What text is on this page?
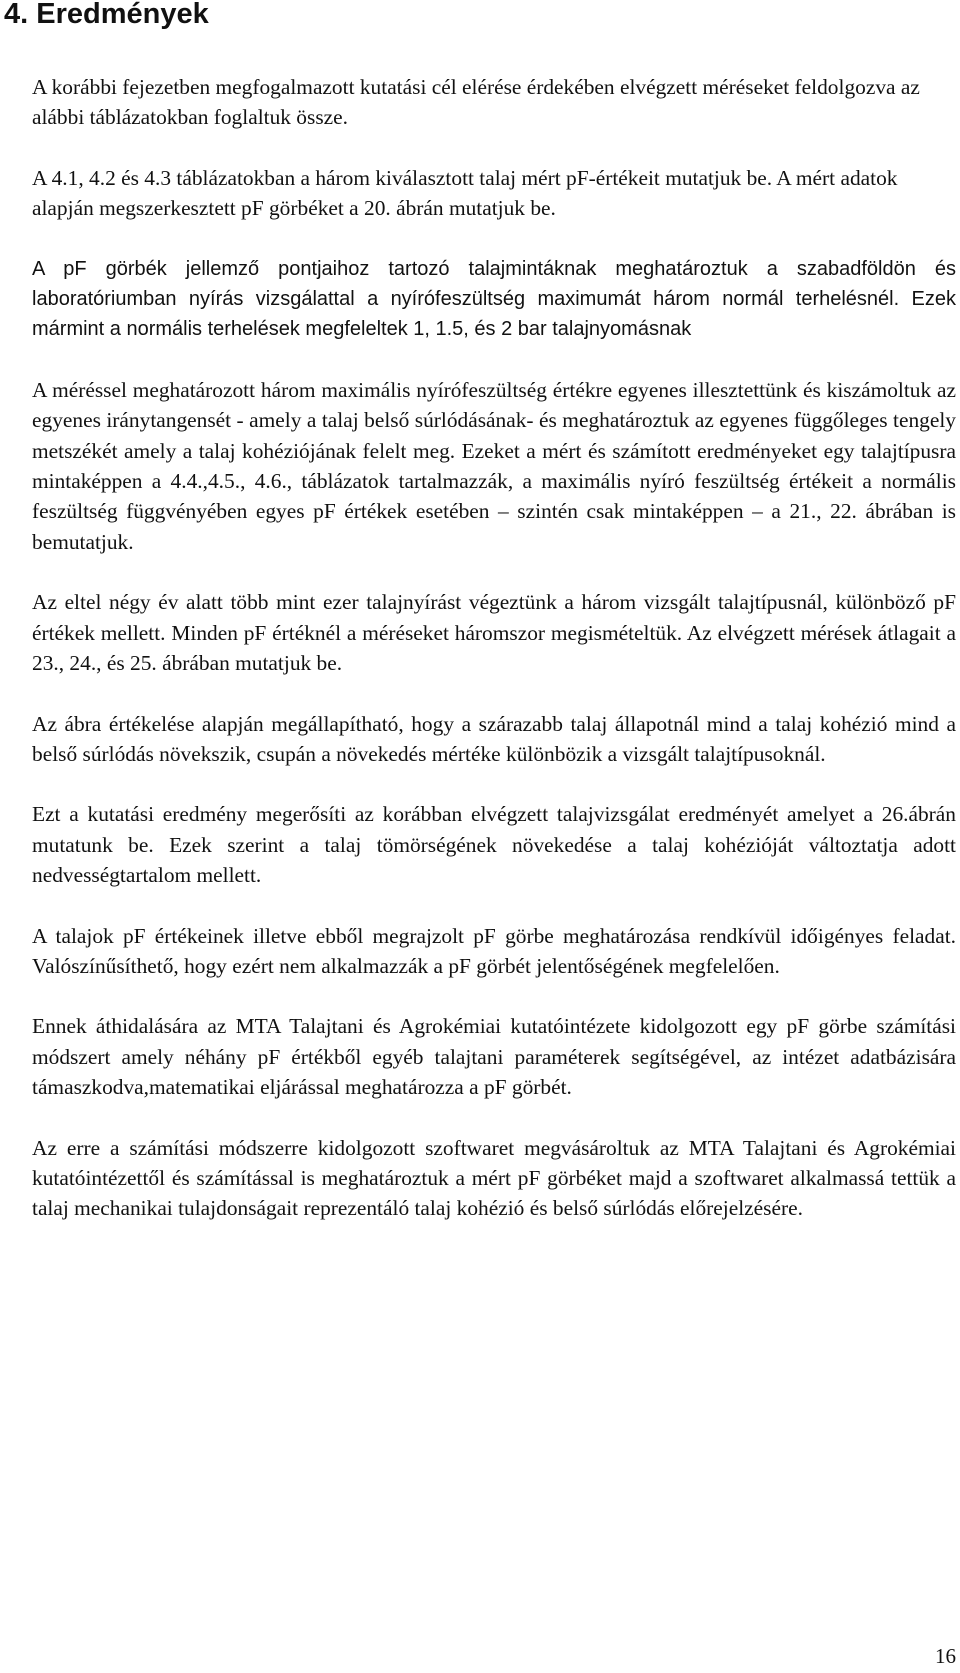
4. Eredmények

A korábbi fejezetben megfogalmazott kutatási cél elérése érdekében elvégzett méréseket feldolgozva az alábbi táblázatokban foglaltuk össze.

A 4.1, 4.2 és 4.3 táblázatokban a három kiválasztott talaj mért pF-értékeit mutatjuk be. A mért adatok alapján megszerkesztett pF görbéket a 20. ábrán mutatjuk be.

A pF görbék jellemző pontjaihoz tartozó talajmintáknak meghatároztuk a szabadföldön és laboratóriumban nyírás vizsgálattal a nyírófeszültség maximumát három normál terhelésnél. Ezek mármint a normális terhelések megfeleltek 1, 1.5, és 2 bar talajnyomásnak

A méréssel meghatározott három maximális nyírófeszültség értékre egyenes illesztettünk és kiszámoltuk az egyenes iránytangensét - amely a talaj belső súrlódásának- és meghatároztuk az egyenes függőleges tengely metszékét amely a talaj kohéziójának felelt meg. Ezeket a mért és számított eredményeket egy talajtípusra mintaképpen a 4.4.,4.5., 4.6., táblázatok tartalmazzák, a maximális nyíró feszültség értékeit a normális feszültség függvényében egyes pF értékek esetében – szintén csak mintaképpen – a 21., 22. ábrában is bemutatjuk.

Az eltel négy év alatt több mint ezer talajnyírást végeztünk a három vizsgált talajtípusnál, különböző pF értékek mellett. Minden pF értéknél a méréseket háromszor megismételtük. Az elvégzett mérések átlagait a 23., 24., és 25. ábrában mutatjuk be.

Az ábra értékelése alapján megállapítható, hogy a szárazabb talaj állapotnál mind a talaj kohézió mind a belső súrlódás növekszik, csupán a növekedés mértéke különbözik a vizsgált talajtípusoknál.

Ezt a kutatási eredmény megerősíti az korábban elvégzett talajvizsgálat eredményét amelyet a 26.ábrán mutatunk be. Ezek szerint a talaj tömörségének növekedése a talaj kohézióját változtatja adott nedvességtartalom mellett.

A talajok pF értékeinek illetve ebből megrajzolt pF görbe meghatározása rendkívül időigényes feladat. Valószínűsíthető, hogy ezért nem alkalmazzák a pF görbét jelentőségének megfelelően.

Ennek áthidalására az MTA Talajtani és Agrokémiai kutatóintézete kidolgozott egy pF görbe számítási módszert amely néhány pF értékből egyéb talajtani paraméterek segítségével, az intézet adatbázisára támaszkodva,matematikai eljárással meghatározza a pF görbét.

Az erre a számítási módszerre kidolgozott szoftwaret megvásároltuk az MTA Talajtani és Agrokémiai kutatóintézettől és számítással is meghatároztuk a mért pF görbéket majd a szoftwaret alkalmassá tettük a talaj mechanikai tulajdonságait reprezentáló talaj kohézió és belső súrlódás előrejelzésére.

16
